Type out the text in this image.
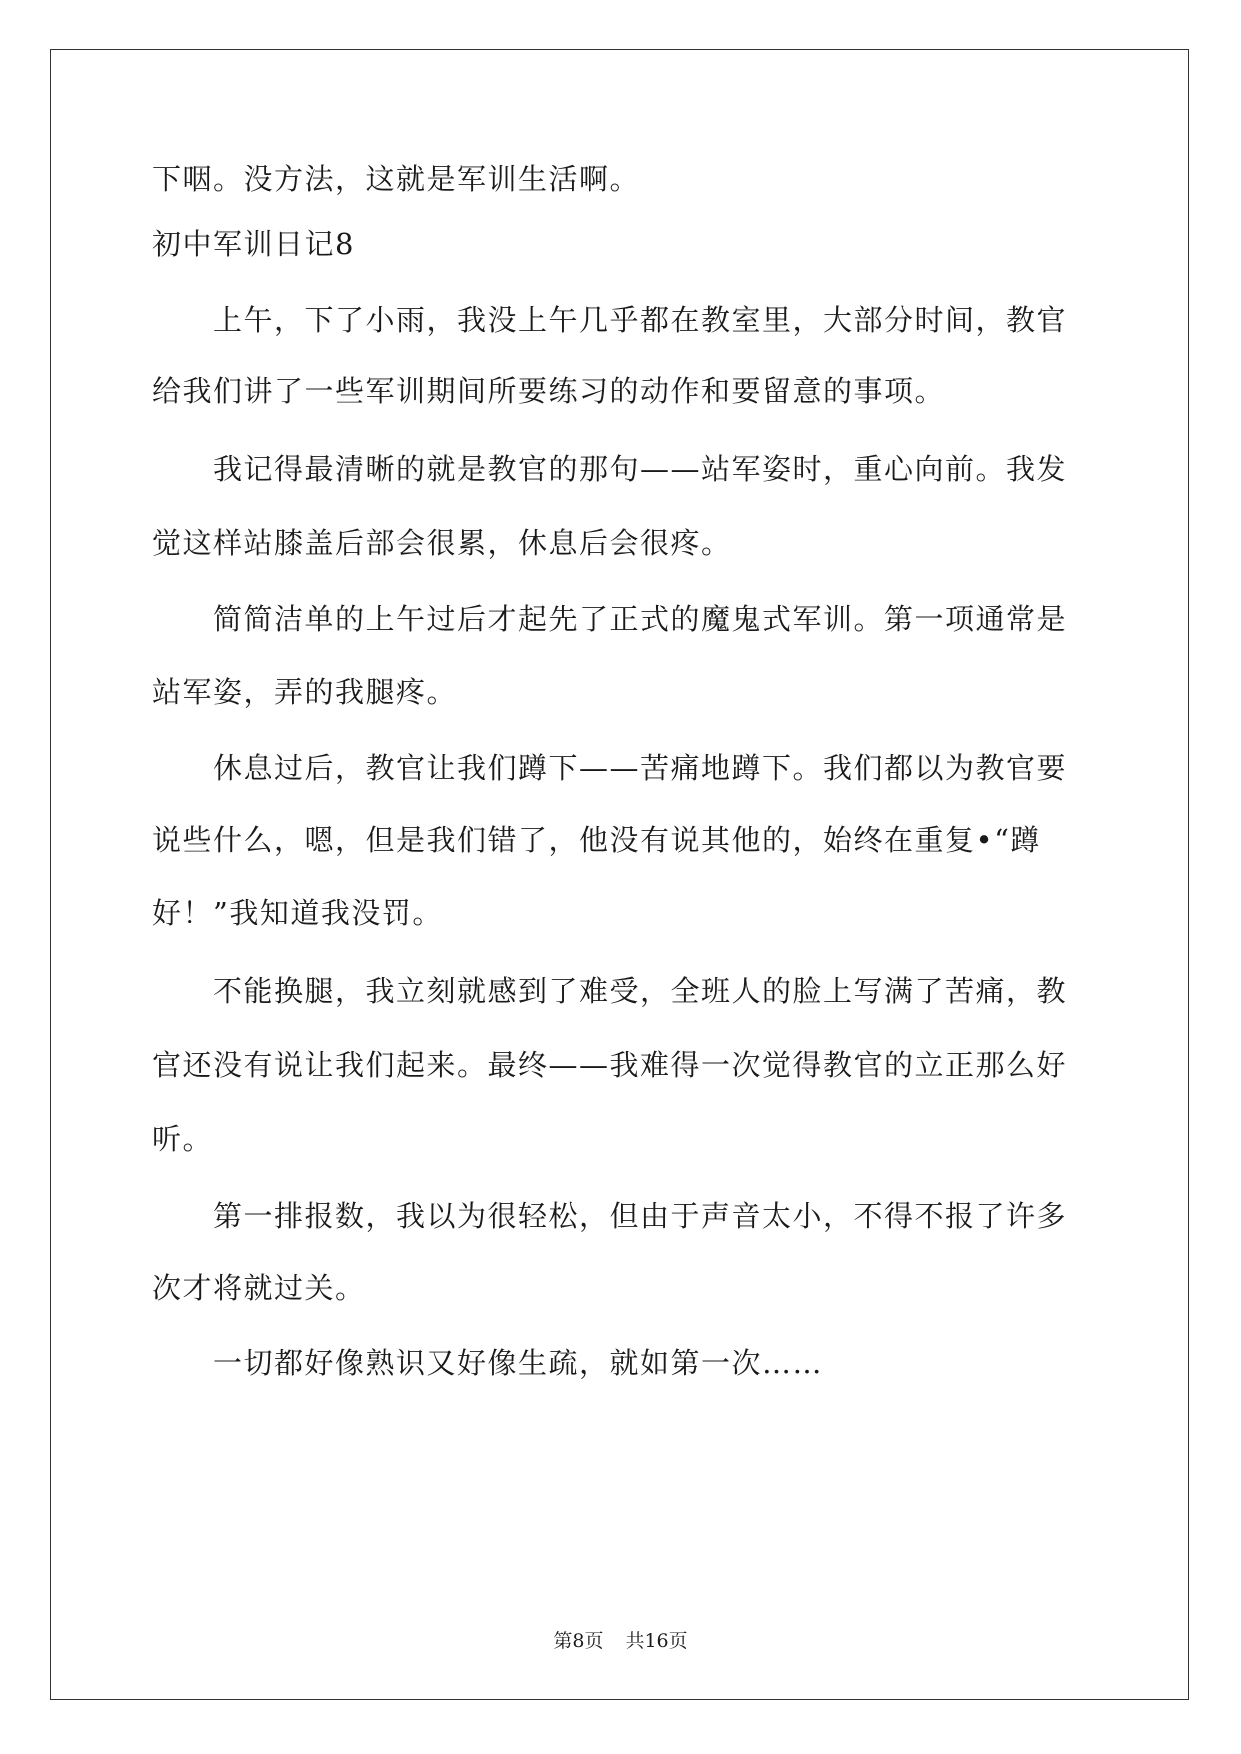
下咽。没方法，这就是军训生活啊。
初中军训日记8
上午，下了小雨，我没上午几乎都在教室里，大部分时间，教官
给我们讲了一些军训期间所要练习的动作和要留意的事项。
我记得最清晰的就是教官的那句——站军姿时，重心向前。我发
觉这样站膝盖后部会很累，休息后会很疼。
简简洁单的上午过后才起先了正式的魔鬼式军训。第一项通常是
站军姿，弄的我腿疼。
休息过后，教官让我们蹲下——苦痛地蹲下。我们都以为教官要
说些什么，嗯，但是我们错了，他没有说其他的，始终在重复•“蹲
好！”我知道我没罚。
不能换腿，我立刻就感到了难受，全班人的脸上写满了苦痛，教
官还没有说让我们起来。最终——我难得一次觉得教官的立正那么好
听。
第一排报数，我以为很轻松，但由于声音太小，不得不报了许多
次才将就过关。
一切都好像熟识又好像生疏，就如第一次……
第8页 共16页
